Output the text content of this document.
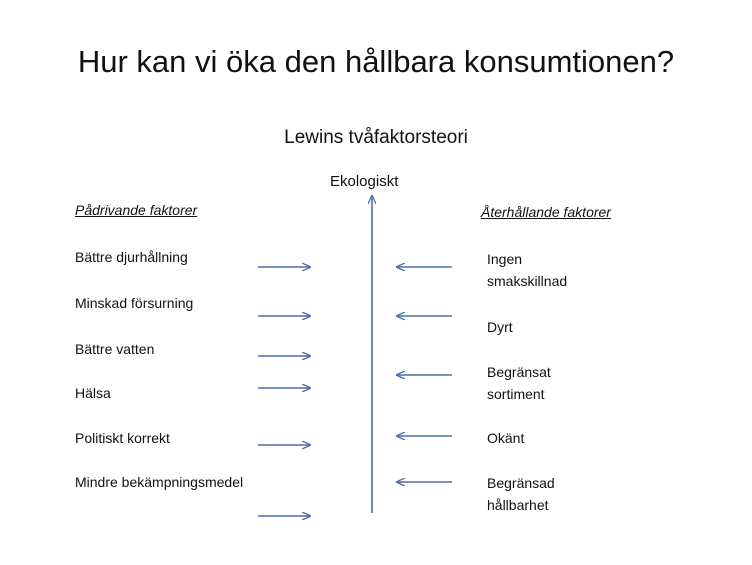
Hur kan vi öka den hållbara konsumtionen?
Lewins tvåfaktorsteori
Ekologiskt
Pådrivande faktorer	Återhållande faktorer
Bättre djurhållning
Minskad försurning
Bättre vatten
Hälsa
Politiskt korrekt
Mindre bekämpningsmedel
Ingen smakskillnad
Dyrt
Begränsat sortiment
Okänt
Begränsad hållbarhet
